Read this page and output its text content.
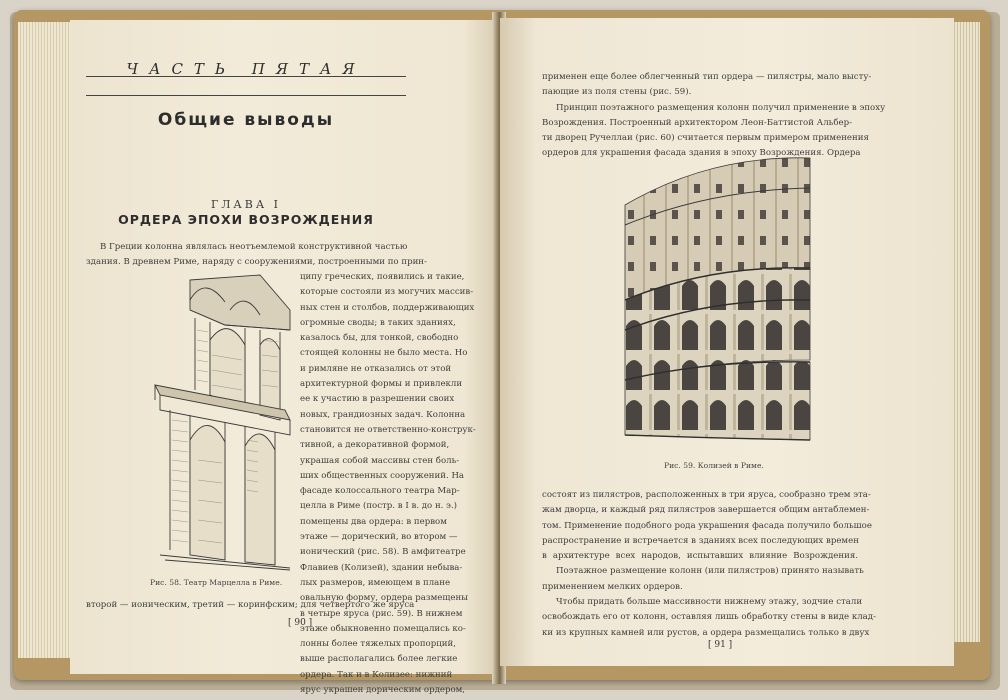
ЧАСТЬ ПЯТАЯ
Общие выводы
ГЛАВА I
ОРДЕРА ЭПОХИ ВОЗРОЖДЕНИЯ
В Греции колонна являлась неотъемлемой конструктивной частью
здания. В древнем Риме, наряду с сооружениями, построенными по прин-
ципу греческих, появились и такие,
которые состояли из могучих массив-
ных стен и столбов, поддерживающих
огромные своды; в таких зданиях,
казалось бы, для тонкой, свободно
стоящей колонны не было места. Но
и римляне не отказались от этой
архитектурной формы и привлекли
ее к участию в разрешении своих
новых, грандиозных задач. Колонна
становится не ответственно-конструк-
тивной, а декоративной формой,
украшая собой массивы стен боль-
ших общественных сооружений. На
фасаде колоссального театра Мар-
целла в Риме (постр. в I в. до н. э.)
помещены два ордера: в первом
этаже — дорический, во втором —
ионический (рис. 58). В амфитеатре
Флавиев (Колизей), здании небыва-
лых размеров, имеющем в плане
овальную форму, ордера размещены
в четыре яруса (рис. 59). В нижнем
этаже обыкновенно помещались ко-
лонны более тяжелых пропорций,
выше располагались более легкие
ордера. Так и в Колизее: нижний
ярус украшен дорическим ордером,
Рис. 58. Театр Марцелла в Риме.
второй — ионическим, третий — коринфским; для четвертого же яруса
[ 90 ]
применен еще более облегченный тип ордера — пилястры, мало высту-
пающие из поля стены (рис. 59).
Принцип поэтажного размещения колонн получил применение в эпоху
Возрождения. Построенный архитектором Леон-Баттистой Альбер-
ти дворец Ручеллаи (рис. 60) считается первым примером применения
ордеров для украшения фасада здания в эпоху Возрождения. Ордера
Рис. 59. Колизей в Риме.
состоят из пилястров, расположенных в три яруса, сообразно трем эта-
жам дворца, и каждый ряд пилястров завершается общим антаблемен-
том. Применение подобного рода украшения фасада получило большое
распространение и встречается в зданиях всех последующих времен
в архитектуре всех народов, испытавших влияние Возрождения.
Поэтажное размещение колонн (или пилястров) принято называть
применением мелких ордеров.
Чтобы придать больше массивности нижнему этажу, зодчие стали
освобождать его от колонн, оставляя лишь обработку стены в виде клад-
ки из крупных камней или рустов, а ордера размещались только в двух
[ 91 ]
